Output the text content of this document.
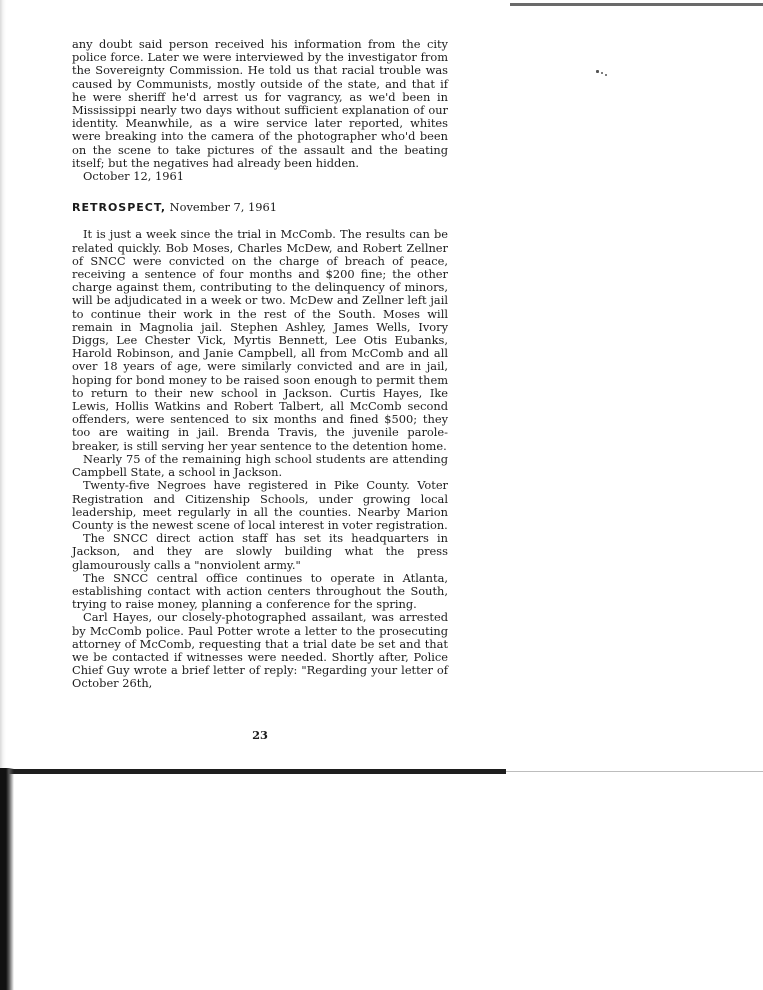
any doubt said person received his information from the city police force. Later we were interviewed by the investigator from the Sovereignty Commission. He told us that racial trouble was caused by Communists, mostly outside of the state, and that if he were sheriff he'd arrest us for vagrancy, as we'd been in Mississippi nearly two days without sufficient explanation of our identity. Meanwhile, as a wire service later reported, whites were breaking into the camera of the photographer who'd been on the scene to take pictures of the assault and the beating itself; but the negatives had already been hidden.

October 12, 1961

RETROSPECT, November 7, 1961

It is just a week since the trial in McComb. The results can be related quickly. Bob Moses, Charles McDew, and Robert Zellner of SNCC were convicted on the charge of breach of peace, receiving a sentence of four months and $200 fine; the other charge against them, contributing to the delinquency of minors, will be adjudicated in a week or two. McDew and Zellner left jail to continue their work in the rest of the South. Moses will remain in Magnolia jail. Stephen Ashley, James Wells, Ivory Diggs, Lee Chester Vick, Myrtis Bennett, Lee Otis Eubanks, Harold Robinson, and Janie Campbell, all from McComb and all over 18 years of age, were similarly convicted and are in jail, hoping for bond money to be raised soon enough to permit them to return to their new school in Jackson. Curtis Hayes, Ike Lewis, Hollis Watkins and Robert Talbert, all McComb second offenders, were sentenced to six months and fined $500; they too are waiting in jail. Brenda Travis, the juvenile parole-breaker, is still serving her year sentence to the detention home.

Nearly 75 of the remaining high school students are attending Campbell State, a school in Jackson.

Twenty-five Negroes have registered in Pike County. Voter Registration and Citizenship Schools, under growing local leadership, meet regularly in all the counties. Nearby Marion County is the newest scene of local interest in voter registration.

The SNCC direct action staff has set its headquarters in Jackson, and they are slowly building what the press glamourously calls a "nonviolent army."

The SNCC central office continues to operate in Atlanta, establishing contact with action centers throughout the South, trying to raise money, planning a conference for the spring.

Carl Hayes, our closely-photographed assailant, was arrested by McComb police. Paul Potter wrote a letter to the prosecuting attorney of McComb, requesting that a trial date be set and that we be contacted if witnesses were needed. Shortly after, Police Chief Guy wrote a brief letter of reply: "Regarding your letter of October 26th,

23
